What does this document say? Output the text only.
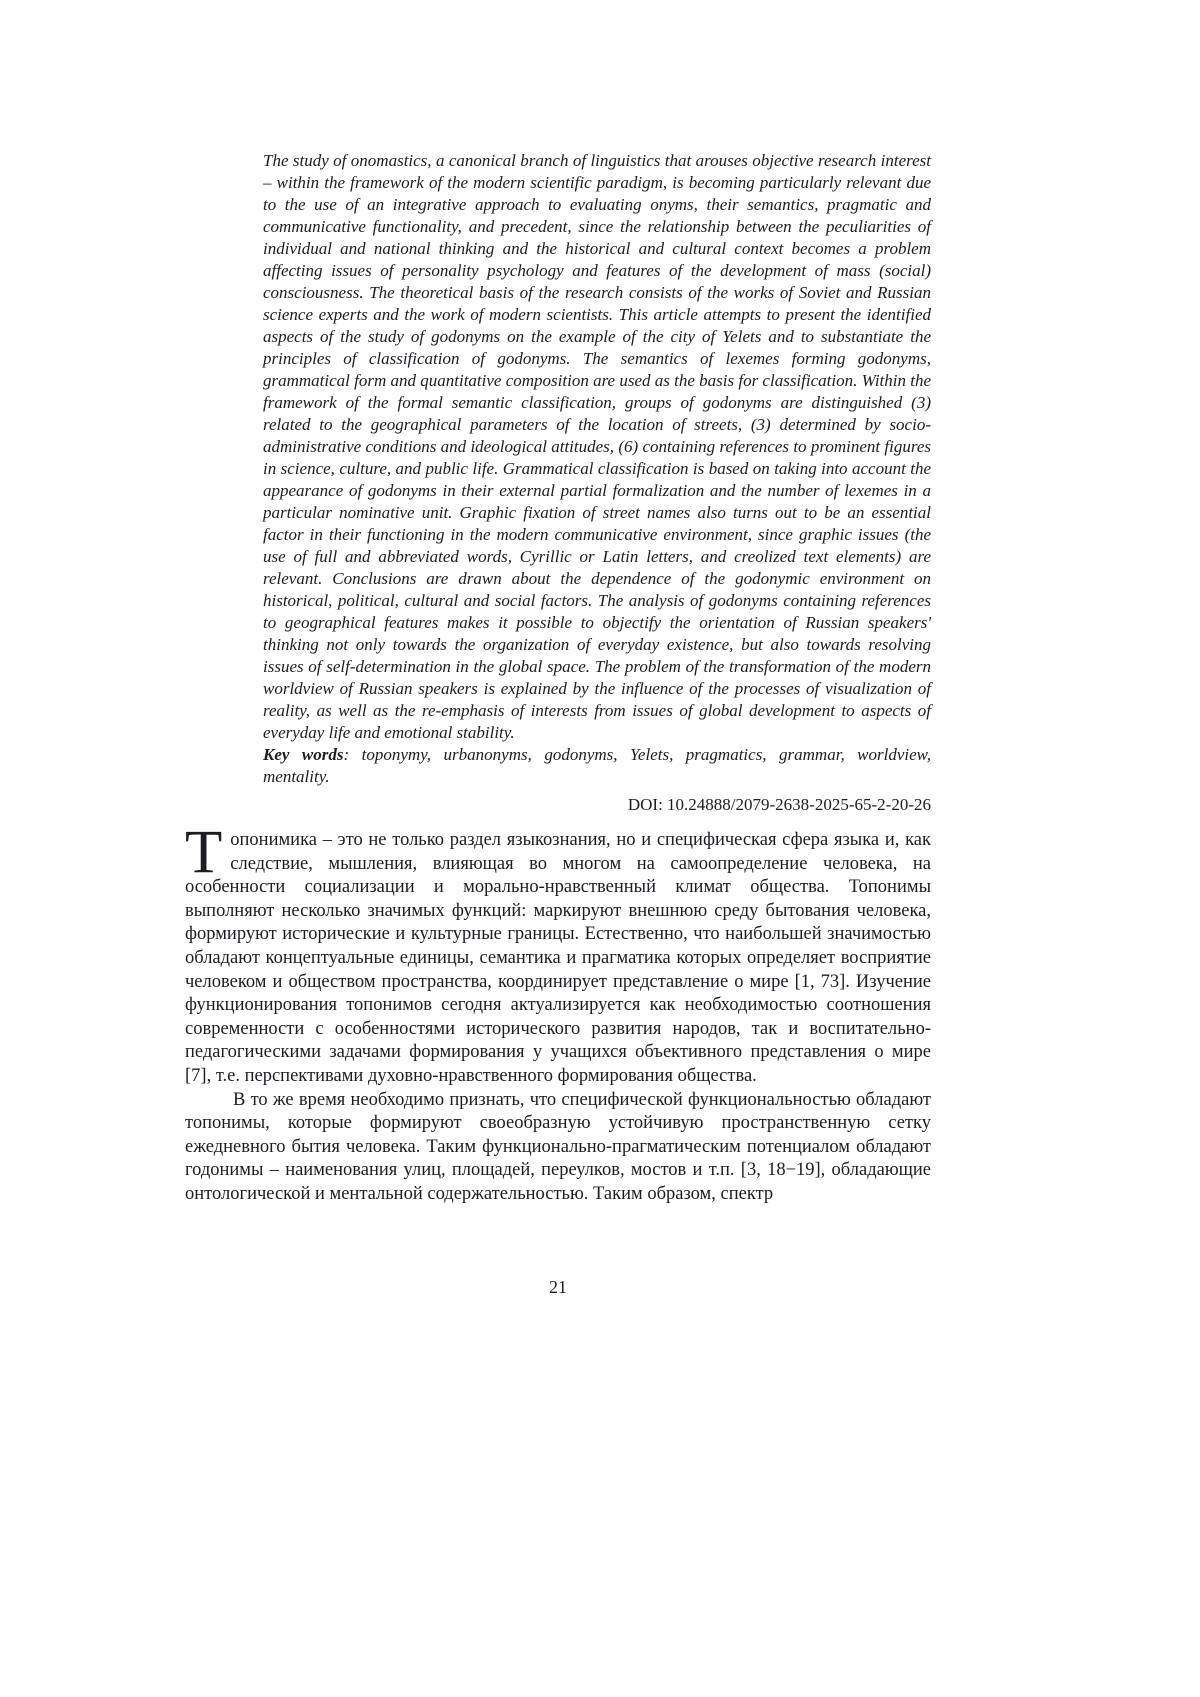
The study of onomastics, a canonical branch of linguistics that arouses objective research interest – within the framework of the modern scientific paradigm, is becoming particularly relevant due to the use of an integrative approach to evaluating onyms, their semantics, pragmatic and communicative functionality, and precedent, since the relationship between the peculiarities of individual and national thinking and the historical and cultural context becomes a problem affecting issues of personality psychology and features of the development of mass (social) consciousness. The theoretical basis of the research consists of the works of Soviet and Russian science experts and the work of modern scientists. This article attempts to present the identified aspects of the study of godonyms on the example of the city of Yelets and to substantiate the principles of classification of godonyms. The semantics of lexemes forming godonyms, grammatical form and quantitative composition are used as the basis for classification. Within the framework of the formal semantic classification, groups of godonyms are distinguished (3) related to the geographical parameters of the location of streets, (3) determined by socio-administrative conditions and ideological attitudes, (6) containing references to prominent figures in science, culture, and public life. Grammatical classification is based on taking into account the appearance of godonyms in their external partial formalization and the number of lexemes in a particular nominative unit. Graphic fixation of street names also turns out to be an essential factor in their functioning in the modern communicative environment, since graphic issues (the use of full and abbreviated words, Cyrillic or Latin letters, and creolized text elements) are relevant. Conclusions are drawn about the dependence of the godonymic environment on historical, political, cultural and social factors. The analysis of godonyms containing references to geographical features makes it possible to objectify the orientation of Russian speakers' thinking not only towards the organization of everyday existence, but also towards resolving issues of self-determination in the global space. The problem of the transformation of the modern worldview of Russian speakers is explained by the influence of the processes of visualization of reality, as well as the re-emphasis of interests from issues of global development to aspects of everyday life and emotional stability.

Key words: toponymy, urbanonyms, godonyms, Yelets, pragmatics, grammar, worldview, mentality.

DOI: 10.24888/2079-2638-2025-65-2-20-26

Топонимика – это не только раздел языкознания, но и специфическая сфера языка и, как следствие, мышления, влияющая во многом на самоопределение человека, на особенности социализации и морально-нравственный климат общества. Топонимы выполняют несколько значимых функций: маркируют внешнюю среду бытования человека, формируют исторические и культурные границы. Естественно, что наибольшей значимостью обладают концептуальные единицы, семантика и прагматика которых определяет восприятие человеком и обществом пространства, координирует представление о мире [1, 73]. Изучение функционирования топонимов сегодня актуализируется как необходимостью соотношения современности с особенностями исторического развития народов, так и воспитательно-педагогическими задачами формирования у учащихся объективного представления о мире [7], т.е. перспективами духовно-нравственного формирования общества.

В то же время необходимо признать, что специфической функциональностью обладают топонимы, которые формируют своеобразную устойчивую пространственную сетку ежедневного бытия человека. Таким функционально-прагматическим потенциалом обладают годонимы – наименования улиц, площадей, переулков, мостов и т.п. [3, 18−19], обладающие онтологической и ментальной содержательностью. Таким образом, спектр

21
